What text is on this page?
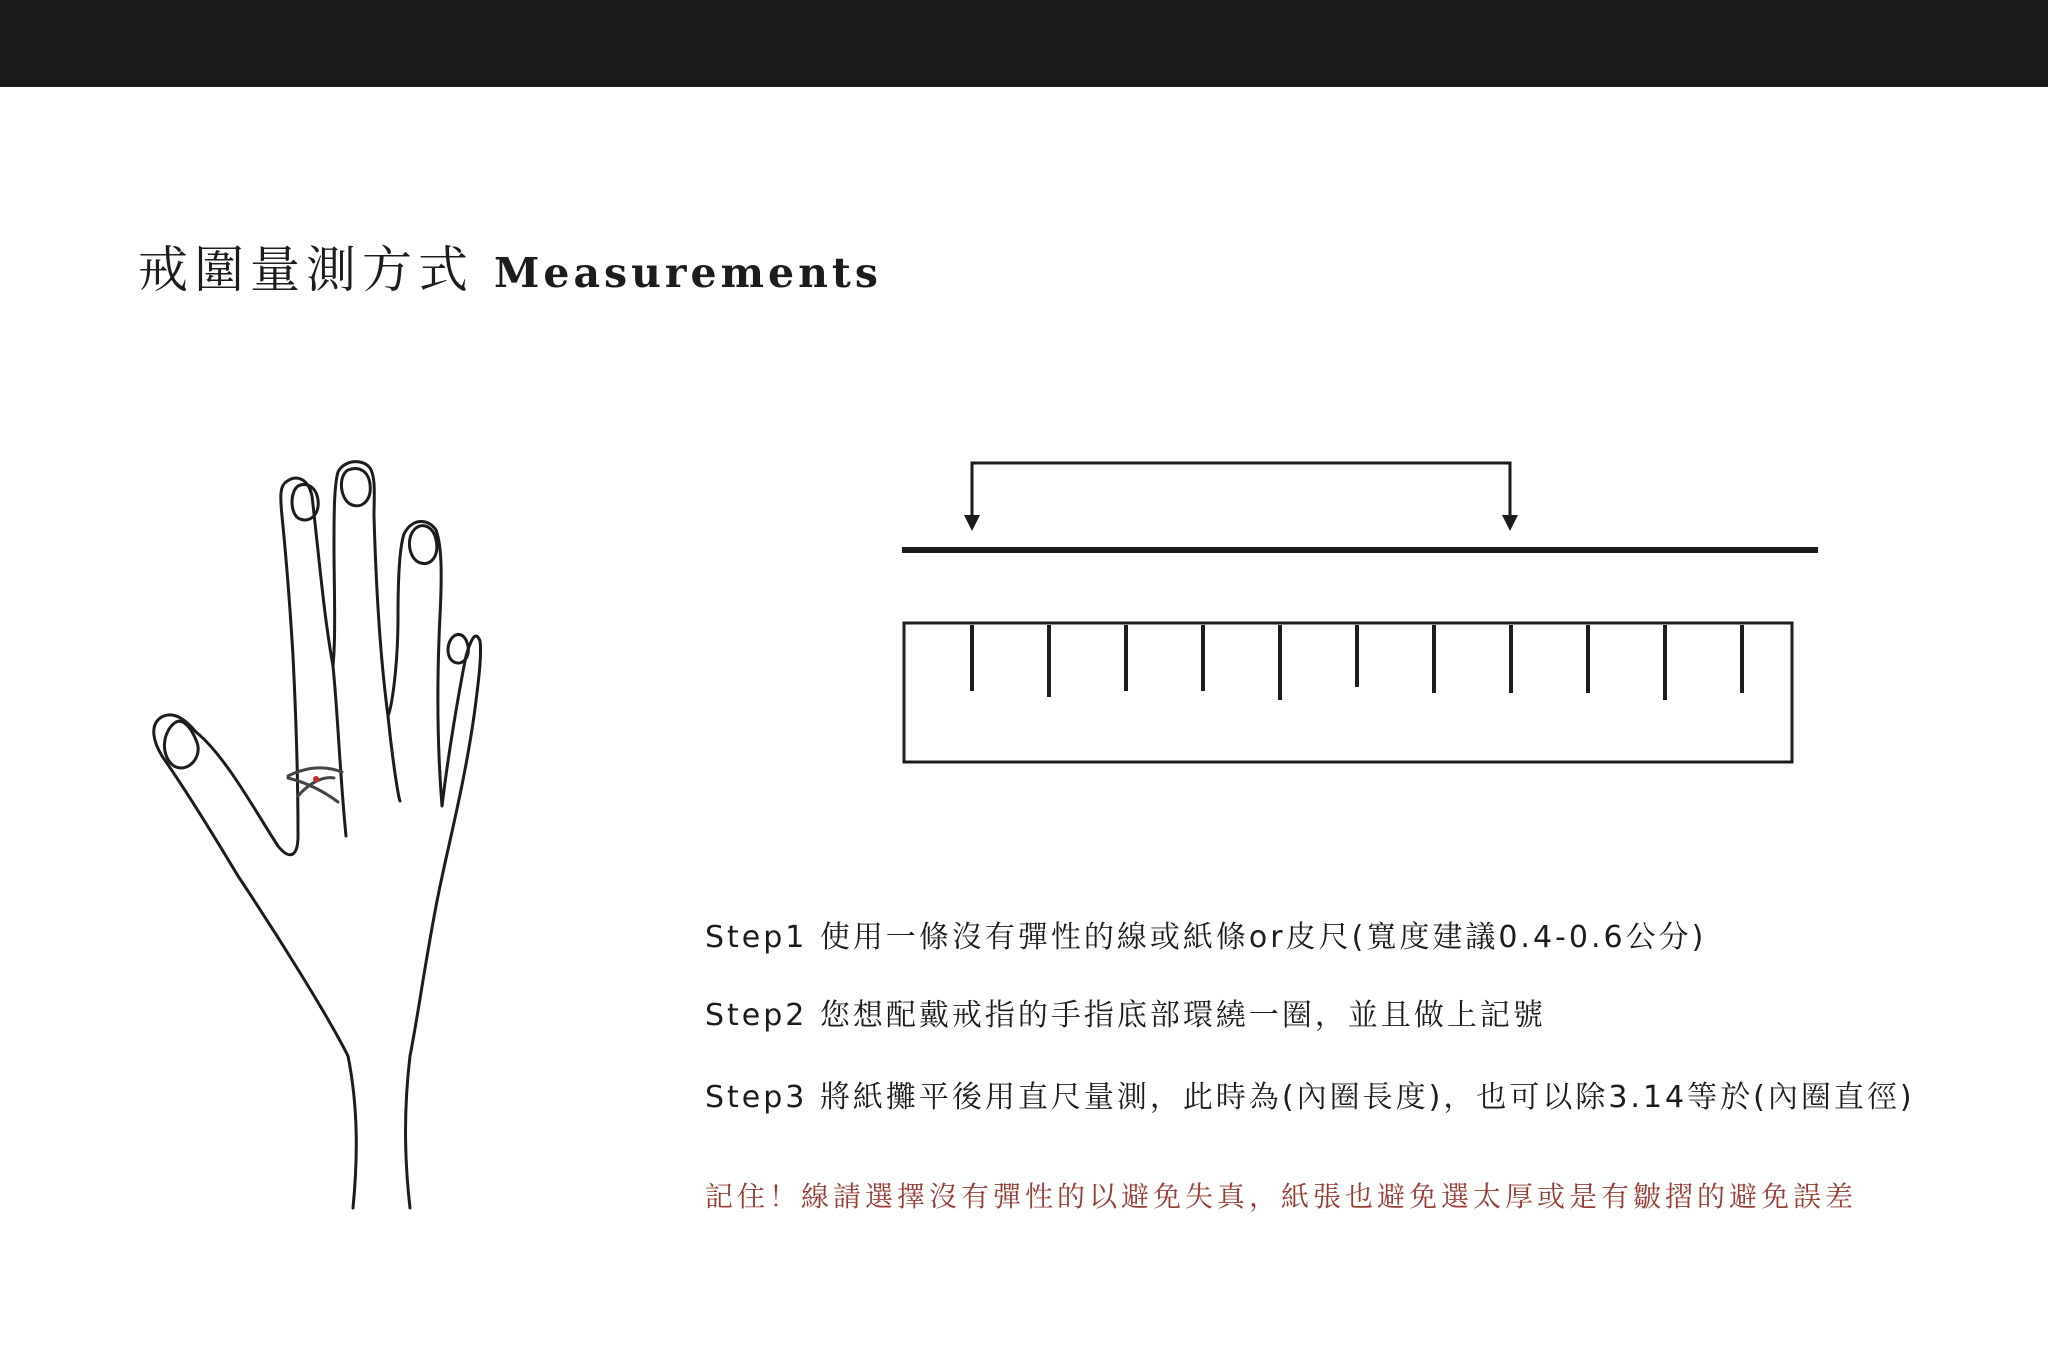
戒圍量測方式 Measurements
Step1 使用一條沒有彈性的線或紙條or皮尺(寬度建議0.4-0.6公分)
Step2 您想配戴戒指的手指底部環繞一圈，並且做上記號
Step3 將紙攤平後用直尺量測，此時為(內圈長度)，也可以除3.14等於(內圈直徑)
記住！線請選擇沒有彈性的以避免失真，紙張也避免選太厚或是有皺摺的避免誤差
